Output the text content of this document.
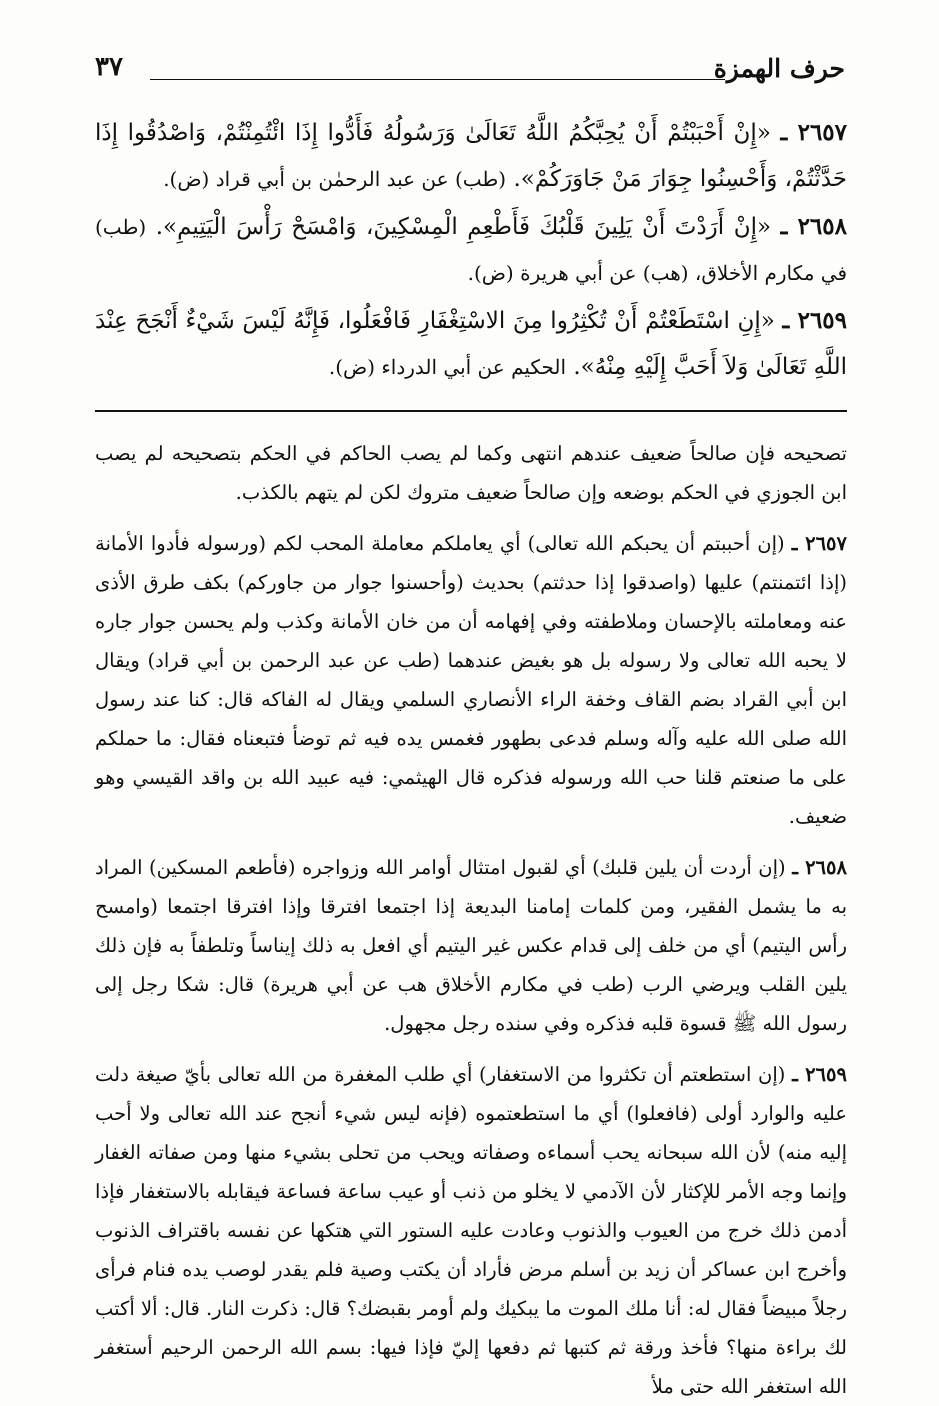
حرف الهمزة
٣٧

٢٦٥٧ ـ «إِنْ أَحْبَبْتُمْ أَنْ يُحِبَّكُمُ اللَّهُ تَعَالَىٰ وَرَسُولُهُ فَأَدُّوا إِذَا ائْتُمِنْتُمْ، وَاصْدُقُوا إِذَا حَدَّثْتُمْ، وَأَحْسِنُوا جِوَارَ مَنْ جَاوَرَكُمْ». (طب) عن عبد الرحمٰن بن أبي قراد (ض).

٢٦٥٨ ـ «إِنْ أَرَدْتَ أَنْ يَلِينَ قَلْبُكَ فَأَطْعِمِ الْمِسْكِينَ، وَامْسَحْ رَأْسَ الْيَتِيمِ». (طب) في مكارم الأخلاق، (هب) عن أبي هريرة (ض).

٢٦٥٩ ـ «إِنِ اسْتَطَعْتُمْ أَنْ تُكْثِرُوا مِنَ الاسْتِغْفَارِ فَافْعَلُوا، فَإِنَّهُ لَيْسَ شَيْءٌ أَنْجَحَ عِنْدَ اللَّهِ تَعَالَىٰ وَلاَ أَحَبَّ إِلَيْهِ مِنْهُ». الحكيم عن أبي الدرداء (ض).

تصحيحه فإن صالحاً ضعيف عندهم انتهى وكما لم يصب الحاكم في الحكم بتصحيحه لم يصب ابن الجوزي في الحكم بوضعه وإن صالحاً ضعيف متروك لكن لم يتهم بالكذب.

٢٦٥٧ ـ (إن أحببتم أن يحبكم الله تعالى) أي يعاملكم معاملة المحب لكم (ورسوله فأدوا الأمانة (إذا ائتمنتم) عليها (واصدقوا إذا حدثتم) بحديث (وأحسنوا جوار من جاوركم) بكف طرق الأذى عنه ومعاملته بالإحسان وملاطفته وفي إفهامه أن من خان الأمانة وكذب ولم يحسن جوار جاره لا يحبه الله تعالى ولا رسوله بل هو بغيض عندهما (طب عن عبد الرحمن بن أبي قراد) ويقال ابن أبي القراد بضم القاف وخفة الراء الأنصاري السلمي ويقال له الفاكه قال: كنا عند رسول الله صلى الله عليه وآله وسلم فدعى بطهور فغمس يده فيه ثم توضأ فتبعناه فقال: ما حملكم على ما صنعتم قلنا حب الله ورسوله فذكره قال الهيثمي: فيه عبيد الله بن واقد القيسي وهو ضعيف.

٢٦٥٨ ـ (إن أردت أن يلين قلبك) أي لقبول امتثال أوامر الله وزواجره (فأطعم المسكين) المراد به ما يشمل الفقير، ومن كلمات إمامنا البديعة إذا اجتمعا افترقا وإذا افترقا اجتمعا (وامسح رأس اليتيم) أي من خلف إلى قدام عكس غير اليتيم أي افعل به ذلك إيناساً وتلطفاً به فإن ذلك يلين القلب ويرضي الرب (طب في مكارم الأخلاق هب عن أبي هريرة) قال: شكا رجل إلى رسول الله ﷺ قسوة قلبه فذكره وفي سنده رجل مجهول.

٢٦٥٩ ـ (إن استطعتم أن تكثروا من الاستغفار) أي طلب المغفرة من الله تعالى بأيّ صيغة دلت عليه والوارد أولى (فافعلوا) أي ما استطعتموه (فإنه ليس شيء أنجح عند الله تعالى ولا أحب إليه منه) لأن الله سبحانه يحب أسماءه وصفاته ويحب من تحلى بشيء منها ومن صفاته الغفار وإنما وجه الأمر للإكثار لأن الآدمي لا يخلو من ذنب أو عيب ساعة فساعة فيقابله بالاستغفار فإذا أدمن ذلك خرج من العيوب والذنوب وعادت عليه الستور التي هتكها عن نفسه باقتراف الذنوب وأخرج ابن عساكر أن زيد بن أسلم مرض فأراد أن يكتب وصية فلم يقدر لوصب يده فنام فرأى رجلاً مبيضاً فقال له: أنا ملك الموت ما يبكيك ولم أومر بقبضك؟ قال: ذكرت النار. قال: ألا أكتب لك براءة منها؟ فأخذ ورقة ثم كتبها ثم دفعها إليّ فإذا فيها: بسم الله الرحمن الرحيم أستغفر الله استغفر الله حتى ملأ
